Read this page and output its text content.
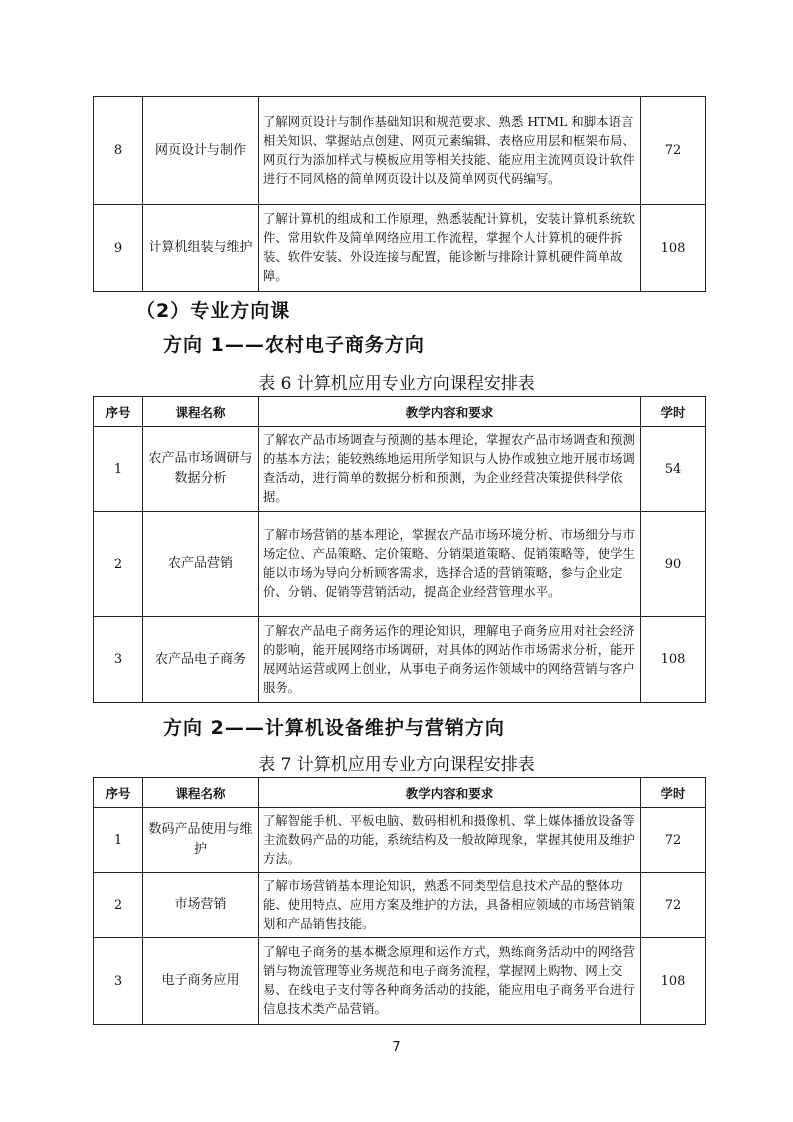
8	网页设计与制作	了解网页设计与制作基础知识和规范要求、熟悉 HTML 和脚本语言相关知识、掌握站点创建、网页元素编辑、表格应用层和框架布局、网页行为添加样式与模板应用等相关技能、能应用主流网页设计软件进行不同风格的简单网页设计以及简单网页代码编写。	72
9	计算机组装与维护	了解计算机的组成和工作原理，熟悉装配计算机，安装计算机系统软件、常用软件及简单网络应用工作流程，掌握个人计算机的硬件拆装、软件安装、外设连接与配置，能诊断与排除计算机硬件简单故障。	108
（2）专业方向课
方向 1——农村电子商务方向
表 6 计算机应用专业方向课程安排表
序号	课程名称	教学内容和要求	学时
1	农产品市场调研与数据分析	了解农产品市场调查与预测的基本理论，掌握农产品市场调查和预测的基本方法；能较熟练地运用所学知识与人协作或独立地开展市场调查活动，进行简单的数据分析和预测，为企业经营决策提供科学依据。	54
2	农产品营销	了解市场营销的基本理论，掌握农产品市场环境分析、市场细分与市场定位、产品策略、定价策略、分销渠道策略、促销策略等，使学生能以市场为导向分析顾客需求，选择合适的营销策略，参与企业定价、分销、促销等营销活动，提高企业经营管理水平。	90
3	农产品电子商务	了解农产品电子商务运作的理论知识，理解电子商务应用对社会经济的影响，能开展网络市场调研，对具体的网站作市场需求分析，能开展网站运营或网上创业，从事电子商务运作领域中的网络营销与客户服务。	108
方向 2——计算机设备维护与营销方向
表 7 计算机应用专业方向课程安排表
序号	课程名称	教学内容和要求	学时
1	数码产品使用与维护	了解智能手机、平板电脑、数码相机和摄像机、掌上媒体播放设备等主流数码产品的功能，系统结构及一般故障现象，掌握其使用及维护方法。	72
2	市场营销	了解市场营销基本理论知识，熟悉不同类型信息技术产品的整体功能、使用特点、应用方案及维护的方法，具备相应领域的市场营销策划和产品销售技能。	72
3	电子商务应用	了解电子商务的基本概念原理和运作方式，熟练商务活动中的网络营销与物流管理等业务规范和电子商务流程，掌握网上购物、网上交易、在线电子支付等各种商务活动的技能，能应用电子商务平台进行信息技术类产品营销。	108
7
